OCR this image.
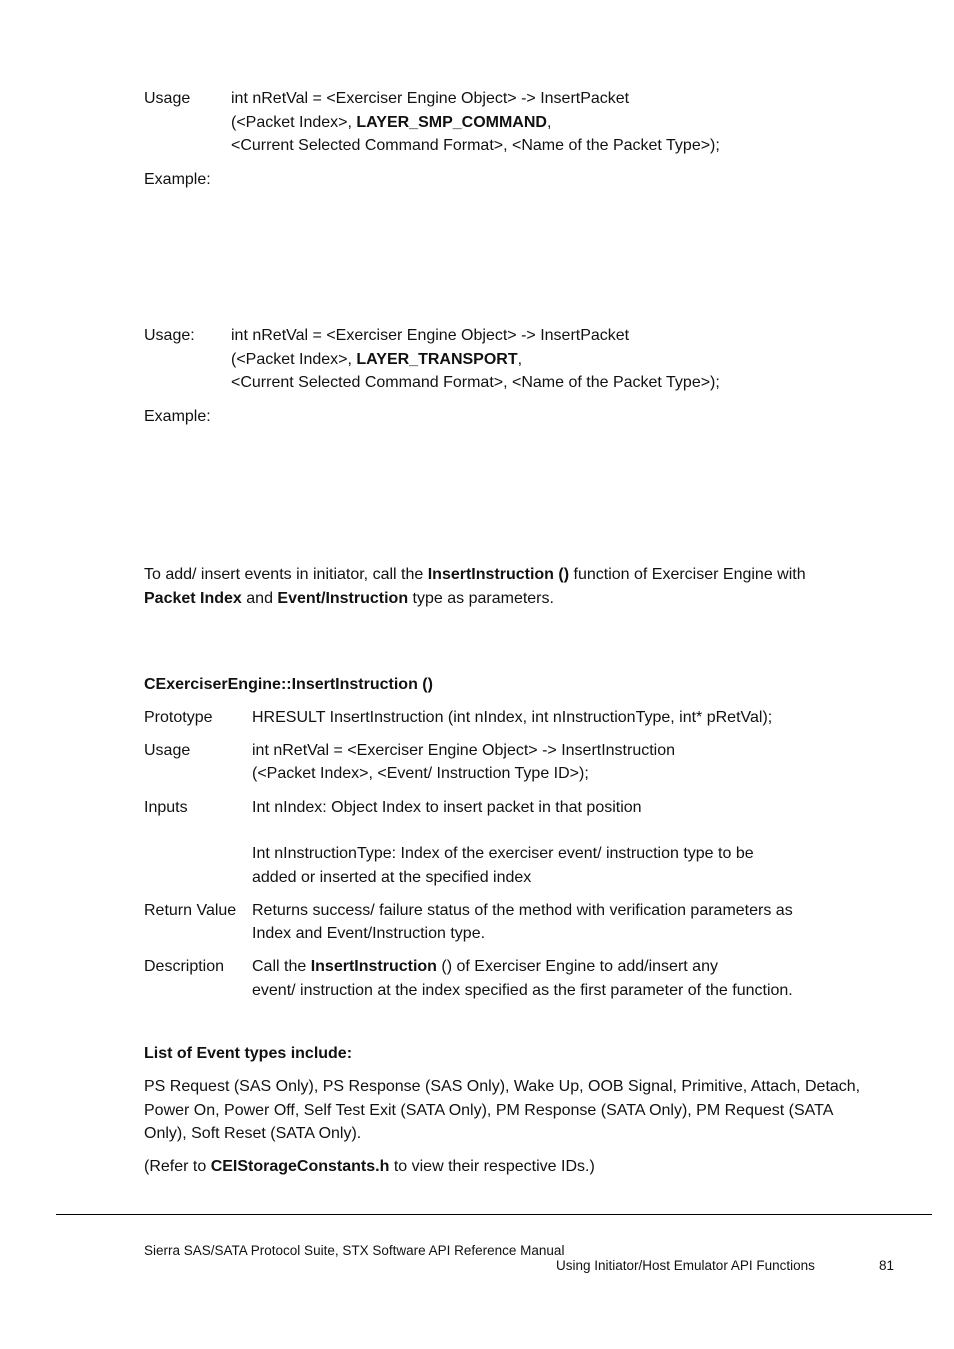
Usage	int nRetVal = <Exerciser Engine Object> -> InsertPacket
(<Packet Index>, LAYER_SMP_COMMAND,
<Current Selected Command Format>, <Name of the Packet Type>);
Example:
Usage: int nRetVal = <Exerciser Engine Object> -> InsertPacket
(<Packet Index>, LAYER_TRANSPORT,
<Current Selected Command Format>, <Name of the Packet Type>);
Example:
To add/ insert events in initiator, call the InsertInstruction () function of Exerciser Engine with
Packet Index and Event/Instruction type as parameters.
CExerciserEngine::InsertInstruction ()
Prototype HRESULT InsertInstruction (int nIndex, int nInstructionType, int* pRetVal);
Usage	int nRetVal = <Exerciser Engine Object> -> InsertInstruction
(<Packet Index>, <Event/ Instruction Type ID>);
Inputs	Int nIndex: Object Index to insert packet in that position
Int nInstructionType: Index of the exerciser event/ instruction type to be
added or inserted at the specified index
Return Value Returns success/ failure status of the method with verification parameters as
Index and Event/Instruction type.
Description Call the InsertInstruction () of Exerciser Engine to add/insert any
event/ instruction at the index specified as the first parameter of the function.
List of Event types include:
PS Request (SAS Only), PS Response (SAS Only), Wake Up, OOB Signal, Primitive, Attach, Detach,
Power On, Power Off, Self Test Exit (SATA Only), PM Response (SATA Only), PM Request (SATA
Only), Soft Reset (SATA Only).
(Refer to CEIStorageConstants.h to view their respective IDs.)
Sierra SAS/SATA Protocol Suite, STX Software API Reference Manual
Using Initiator/Host Emulator API Functions	81
